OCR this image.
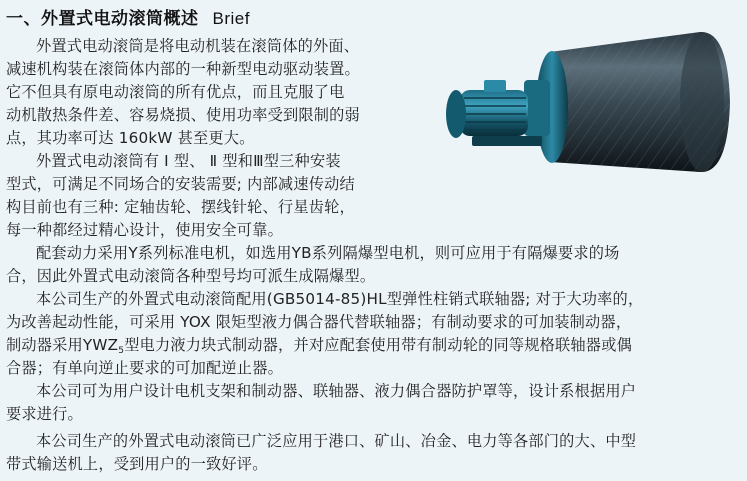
一、外置式电动滚筒概述 Brief
外置式电动滚筒是将电动机装在滚筒体的外面、
减速机构装在滚筒体内部的一种新型电动驱动装置。
它不但具有原电动滚筒的所有优点，而且克服了电
动机散热条件差、容易烧损、使用功率受到限制的弱
点，其功率可达 160kW 甚至更大。
外置式电动滚筒有 Ⅰ 型、 Ⅱ 型和Ⅲ型三种安装
型式，可满足不同场合的安装需要; 内部减速传动结
构目前也有三种: 定轴齿轮、摆线针轮、行星齿轮，
每一种都经过精心设计，使用安全可靠。
配套动力采用Y系列标准电机，如选用YB系列隔爆型电机，则可应用于有隔爆要求的场
合，因此外置式电动滚筒各种型号均可派生成隔爆型。
本公司生产的外置式电动滚筒配用(GB5014-85)HL型弹性柱销式联轴器; 对于大功率的，
为改善起动性能，可采用 YOX 限矩型液力偶合器代替联轴器；有制动要求的可加装制动器，
制动器采用$YWZ_5$型电力液力块式制动器，并对应配套使用带有制动轮的同等规格联轴器或偶
合器；有单向逆止要求的可加配逆止器。
本公司可为用户设计电机支架和制动器、联轴器、液力偶合器防护罩等，设计系根据用户
要求进行。
本公司生产的外置式电动滚筒已广泛应用于港口、矿山、冶金、电力等各部门的大、中型
带式输送机上，受到用户的一致好评。
